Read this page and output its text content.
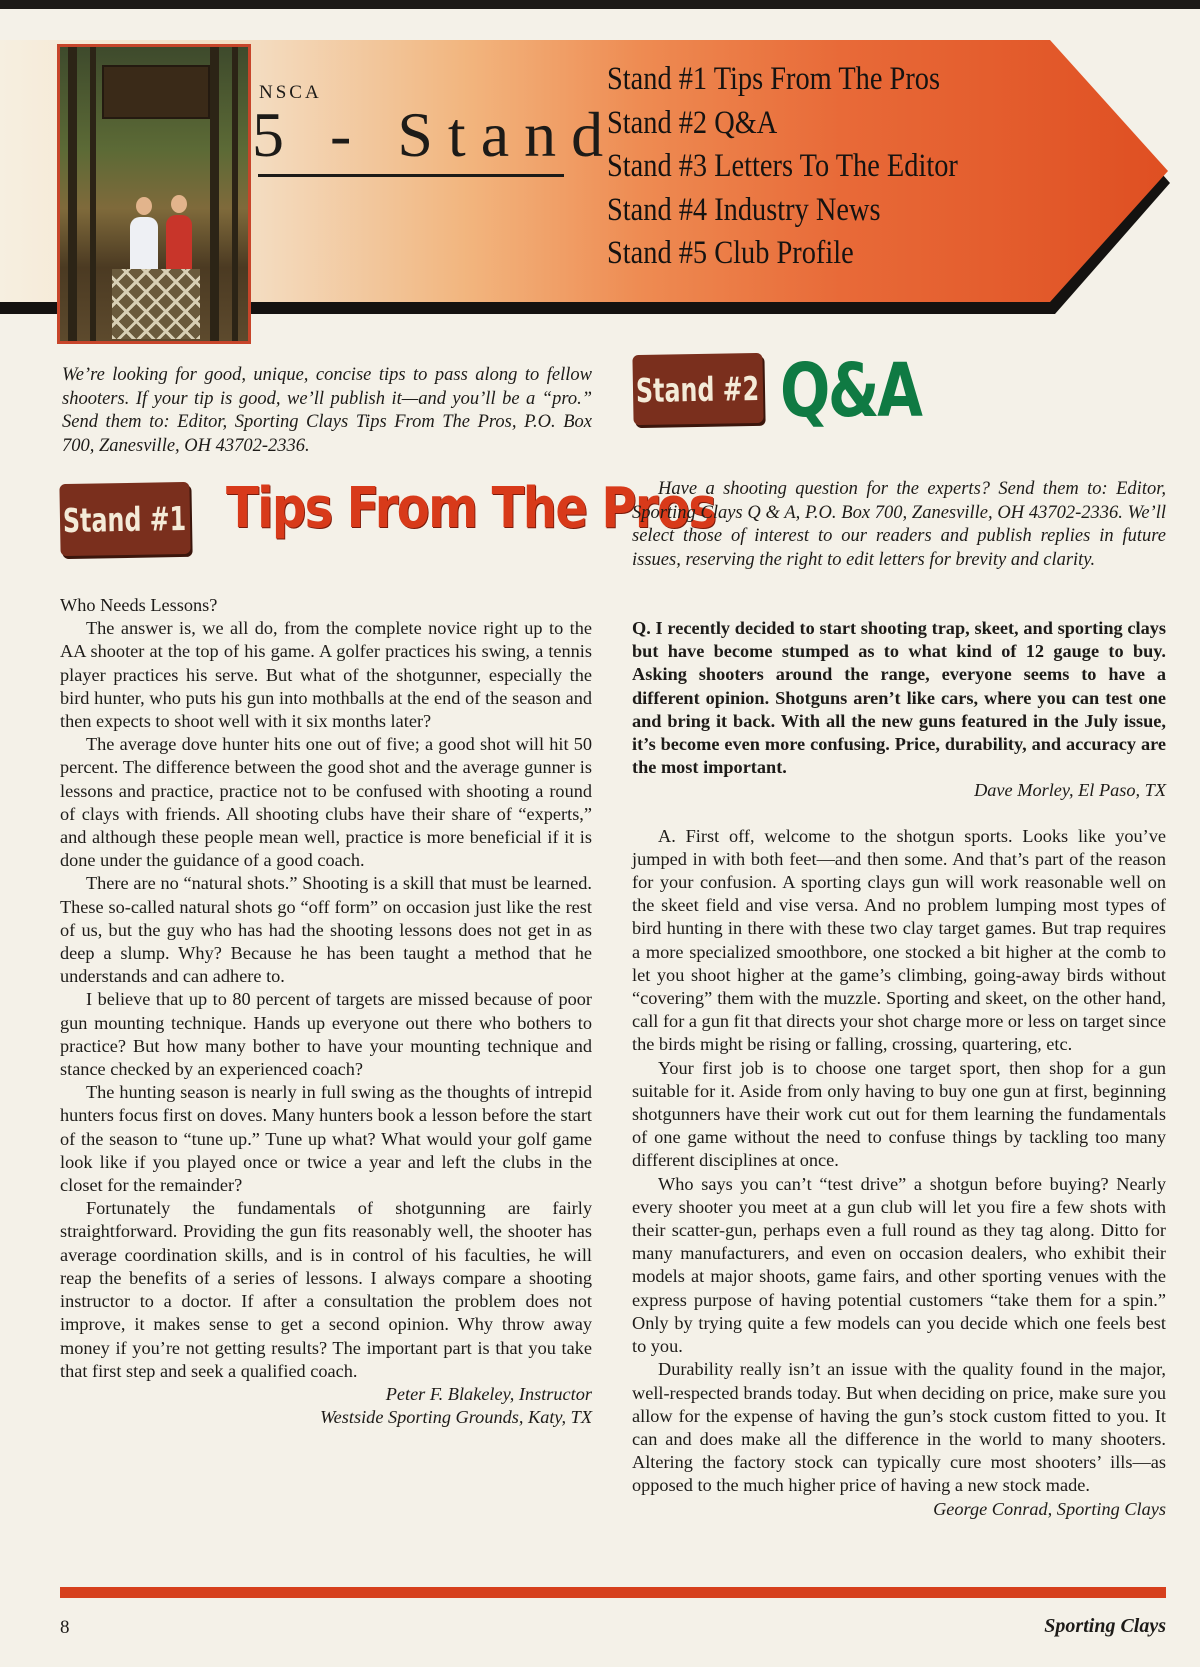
NSCA
5 - Stand
Stand #1 Tips From The Pros
Stand #2 Q&A
Stand #3 Letters To The Editor
Stand #4 Industry News
Stand #5 Club Profile

We’re looking for good, unique, concise tips to pass along to fellow shooters. If your tip is good, we’ll publish it—and you’ll be a “pro.” Send them to: Editor, Sporting Clays Tips From The Pros, P.O. Box 700, Zanesville, OH 43702-2336.

Stand #1 Tips From The Pros

Who Needs Lessons?

The answer is, we all do, from the complete novice right up to the AA shooter at the top of his game. A golfer practices his swing, a tennis player practices his serve. But what of the shotgunner, especially the bird hunter, who puts his gun into mothballs at the end of the season and then expects to shoot well with it six months later?

The average dove hunter hits one out of five; a good shot will hit 50 percent. The difference between the good shot and the average gunner is lessons and practice, practice not to be confused with shooting a round of clays with friends. All shooting clubs have their share of “experts,” and although these people mean well, practice is more beneficial if it is done under the guidance of a good coach.

There are no “natural shots.” Shooting is a skill that must be learned. These so-called natural shots go “off form” on occasion just like the rest of us, but the guy who has had the shooting lessons does not get in as deep a slump. Why? Because he has been taught a method that he understands and can adhere to.

I believe that up to 80 percent of targets are missed because of poor gun mounting technique. Hands up everyone out there who bothers to practice? But how many bother to have your mounting technique and stance checked by an experienced coach?

The hunting season is nearly in full swing as the thoughts of intrepid hunters focus first on doves. Many hunters book a lesson before the start of the season to “tune up.” Tune up what? What would your golf game look like if you played once or twice a year and left the clubs in the closet for the remainder?

Fortunately the fundamentals of shotgunning are fairly straightforward. Providing the gun fits reasonably well, the shooter has average coordination skills, and is in control of his faculties, he will reap the benefits of a series of lessons. I always compare a shooting instructor to a doctor. If after a consultation the problem does not improve, it makes sense to get a second opinion. Why throw away money if you’re not getting results? The important part is that you take that first step and seek a qualified coach.

Peter F. Blakeley, Instructor

Westside Sporting Grounds, Katy, TX

Stand #2 Q&A

Have a shooting question for the experts? Send them to: Editor, Sporting Clays Q & A, P.O. Box 700, Zanesville, OH 43702-2336. We’ll select those of interest to our readers and publish replies in future issues, reserving the right to edit letters for brevity and clarity.

Q. I recently decided to start shooting trap, skeet, and sporting clays but have become stumped as to what kind of 12 gauge to buy. Asking shooters around the range, everyone seems to have a different opinion. Shotguns aren’t like cars, where you can test one and bring it back. With all the new guns featured in the July issue, it’s become even more confusing. Price, durability, and accuracy are the most important.

Dave Morley, El Paso, TX

A. First off, welcome to the shotgun sports. Looks like you’ve jumped in with both feet—and then some. And that’s part of the reason for your confusion. A sporting clays gun will work reasonable well on the skeet field and vise versa. And no problem lumping most types of bird hunting in there with these two clay target games. But trap requires a more specialized smoothbore, one stocked a bit higher at the comb to let you shoot higher at the game’s climbing, going-away birds without “covering” them with the muzzle. Sporting and skeet, on the other hand, call for a gun fit that directs your shot charge more or less on target since the birds might be rising or falling, crossing, quartering, etc.

Your first job is to choose one target sport, then shop for a gun suitable for it. Aside from only having to buy one gun at first, beginning shotgunners have their work cut out for them learning the fundamentals of one game without the need to confuse things by tackling too many different disciplines at once.

Who says you can’t “test drive” a shotgun before buying? Nearly every shooter you meet at a gun club will let you fire a few shots with their scatter-gun, perhaps even a full round as they tag along. Ditto for many manufacturers, and even on occasion dealers, who exhibit their models at major shoots, game fairs, and other sporting venues with the express purpose of having potential customers “take them for a spin.” Only by trying quite a few models can you decide which one feels best to you.

Durability really isn’t an issue with the quality found in the major, well-respected brands today. But when deciding on price, make sure you allow for the expense of having the gun’s stock custom fitted to you. It can and does make all the difference in the world to many shooters. Altering the factory stock can typically cure most shooters’ ills—as opposed to the much higher price of having a new stock made.

George Conrad, Sporting Clays

8	Sporting Clays
